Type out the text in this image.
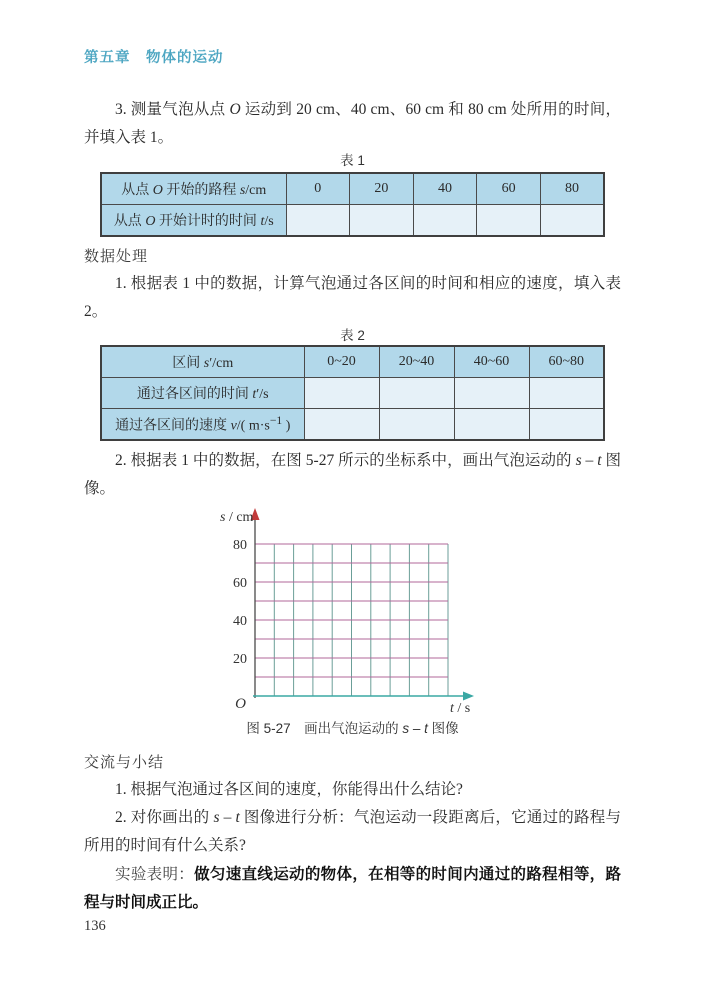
第五章　物体的运动
3. 测量气泡从点 O 运动到 20 cm、40 cm、60 cm 和 80 cm 处所用的时间，并填入表 1。
表 1
从点 O 开始的路程 s/cm	0	20	40	60	80
从点 O 开始计时的时间 t/s					
数据处理
1. 根据表 1 中的数据，计算气泡通过各区间的时间和相应的速度，填入表 2。
表 2
区间 s′/cm	0~20	20~40	40~60	60~80
通过各区间的时间 t′/s				
通过各区间的速度 v/( $m\cdot s^{-1}$ )				
2. 根据表 1 中的数据，在图 5-27 所示的坐标系中，画出气泡运动的 s – t 图像。
80
60
40
20
O
s / cm
t / s
图 5-27　画出气泡运动的 s – t 图像
交流与小结
1. 根据气泡通过各区间的速度，你能得出什么结论?
2. 对你画出的 s – t 图像进行分析：气泡运动一段距离后，它通过的路程与所用的时间有什么关系?
实验表明：做匀速直线运动的物体，在相等的时间内通过的路程相等，路程与时间成正比。
136
